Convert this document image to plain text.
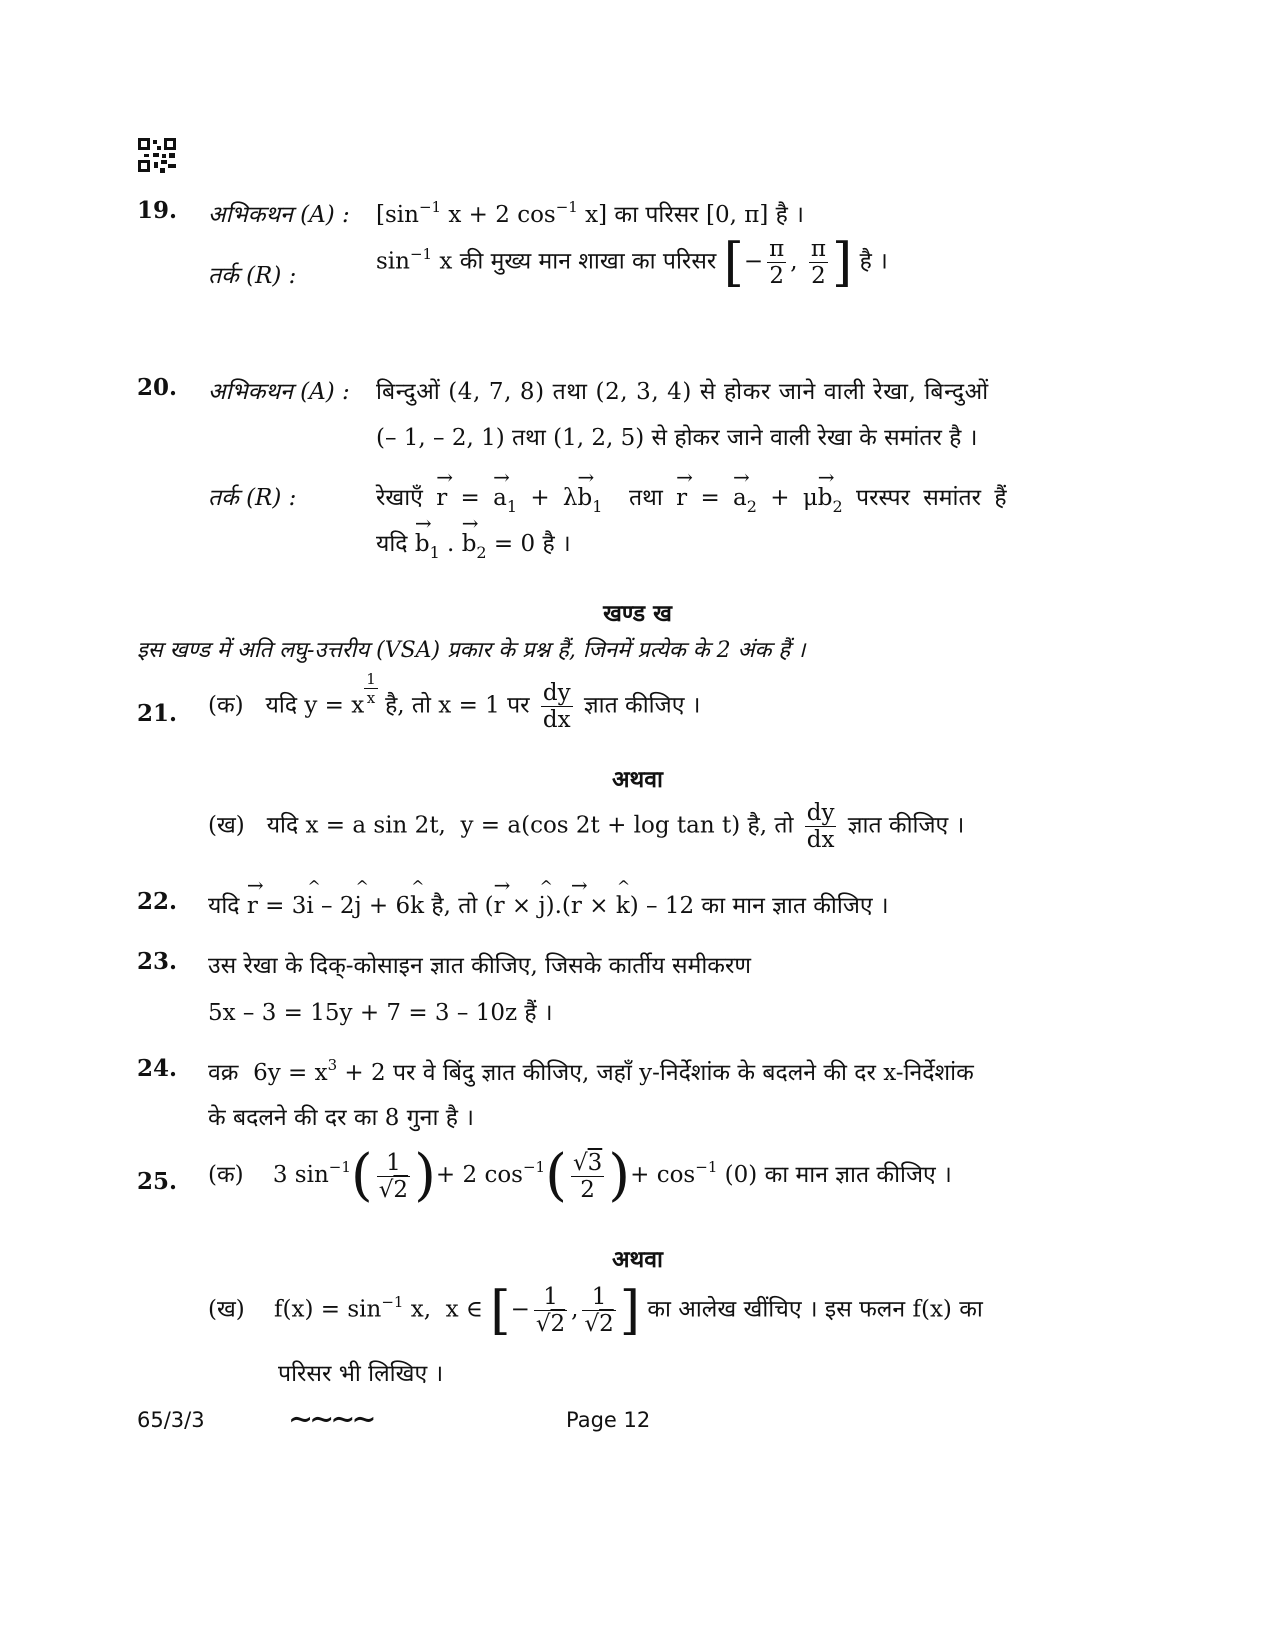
19. अभिकथन (A) : [$\sin^{-1}$ x + 2 $\cos^{-1} x$] का परिसर [0, π] है ।
तर्क (R) :
$\sin^{-1} x$ की मुख्य मान शाखा का परिसर [− $\frac{\pi}{2}$ , $\frac{\pi}{2}$ ] है ।
20. अभिकथन (A) : बिन्दुओं (4, 7, 8) तथा (2, 3, 4) से होकर जाने वाली रेखा, बिन्दुओं
(– 1, – 2, 1) तथा (1, 2, 5) से होकर जाने वाली रेखा के समांतर है ।
तर्क (R) :	रेखाएँ → r = → $a_1 + \lambda\to b_1$  तथा → r = → $a_2 + \mu\to b_2$ परस्पर समांतर हैं
यदि → $b_1$ . → $b_2 = 0$ है ।
खण्ड ख
इस खण्ड में अति लघु-उत्तरीय (VSA) प्रकार के प्रश्न हैं, जिनमें प्रत्येक के 2 अंक हैं ।
21. (क)   यदि y = x $\frac{1}{x}$ है, तो x = 1 पर $\frac{dy}{dx}$ ज्ञात कीजिए ।
अथवा
(ख)   यदि x = a sin 2t,  y = a(cos 2t + log tan t) है, तो $\frac{dy}{dx}$ ज्ञात कीजिए ।
22. यदि → r = 3^ i – 2^ j + 6^ k है, तो (→ r × ^ j).(→ r × ^ k) – 12 का मान ज्ञात कीजिए ।
23. उस रेखा के दिक्-कोसाइन ज्ञात कीजिए, जिसके कार्तीय समीकरण
5x – 3 = 15y + 7 = 3 – 10z हैं ।
24. वक्र  $6y = x^3 + 2$ पर वे बिंदु ज्ञात कीजिए, जहाँ y-निर्देशांक के बदलने की दर x-निर्देशांक
के बदलने की दर का 8 गुना है ।
25. (क)    3 $\sin^{-1}( \frac{1}{√2}$ )+ 2 $\cos^{-1}( \frac{√3}{2}$ )+ $\cos^{-1} (0)$ का मान ज्ञात कीजिए ।
अथवा
(ख)    $f(x) = \sin^{-1} x$,  x ∈ [− $\frac{1}{√2}$ , $\frac{1}{√2}$ ] का आलेख खींचिए । इस फलन f(x) का
परिसर भी लिखिए ।
65/3/3	∼∼∼∼	Page 12
